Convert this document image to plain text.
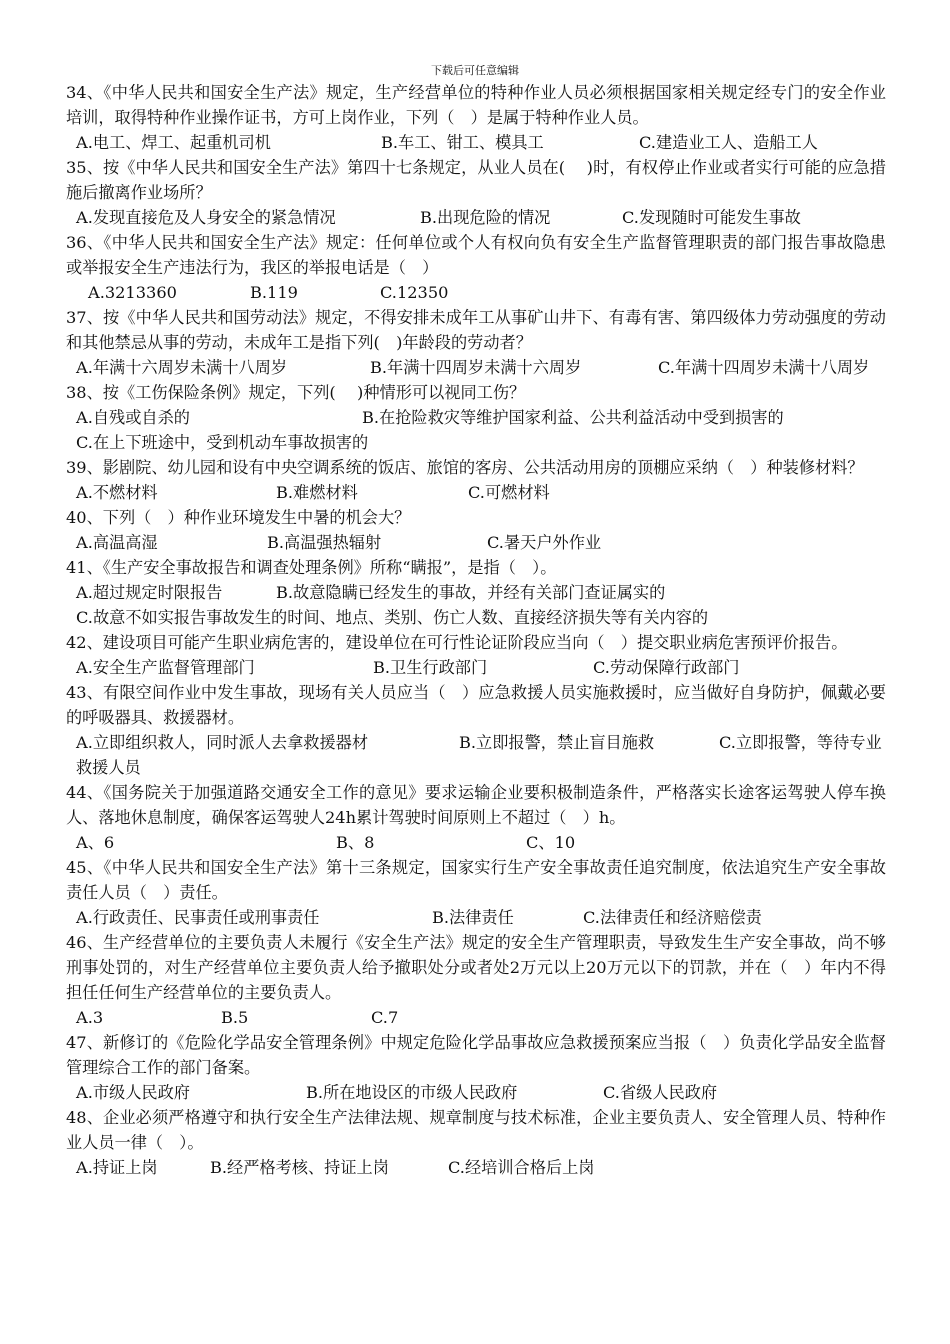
下载后可任意编辑

34、《中华人民共和国安全生产法》规定，生产经营单位的特种作业人员必须根据国家相关规定经专门的安全作业培训，取得特种作业操作证书，方可上岗作业，下列（　）是属于特种作业人员。

A.电工、焊工、起重机司机	B.车工、钳工、模具工	C.建造业工人、造船工人

35、按《中华人民共和国安全生产法》第四十七条规定，从业人员在(　 )时，有权停止作业或者实行可能的应急措施后撤离作业场所？

A.发现直接危及人身安全的紧急情况	B.出现危险的情况	C.发现随时可能发生事故

36、《中华人民共和国安全生产法》规定：任何单位或个人有权向负有安全生产监督管理职责的部门报告事故隐患或举报安全生产违法行为，我区的举报电话是（　）

A.3213360	B.119	C.12350

37、按《中华人民共和国劳动法》规定，不得安排未成年工从事矿山井下、有毒有害、第四级体力劳动强度的劳动和其他禁忌从事的劳动，未成年工是指下列(　)年龄段的劳动者？

A.年满十六周岁未满十八周岁	B.年满十四周岁未满十六周岁	C.年满十四周岁未满十八周岁

38、按《工伤保险条例》规定，下列(　 )种情形可以视同工伤？

A.自残或自杀的	B.在抢险救灾等维护国家利益、公共利益活动中受到损害的

C.在上下班途中，受到机动车事故损害的

39、影剧院、幼儿园和设有中央空调系统的饭店、旅馆的客房、公共活动用房的顶棚应采纳（　）种装修材料？

A.不燃材料	B.难燃材料	C.可燃材料

40、下列（　）种作业环境发生中暑的机会大？

A.高温高湿	B.高温强热辐射	C.暑天户外作业

41、《生产安全事故报告和调查处理条例》所称“瞒报”，是指（　）。

A.超过规定时限报告	B.故意隐瞒已经发生的事故，并经有关部门查证属实的

C.故意不如实报告事故发生的时间、地点、类别、伤亡人数、直接经济损失等有关内容的

42、建设项目可能产生职业病危害的，建设单位在可行性论证阶段应当向（　）提交职业病危害预评价报告。

A.安全生产监督管理部门	B.卫生行政部门	C.劳动保障行政部门

43、有限空间作业中发生事故，现场有关人员应当（　）应急救援人员实施救援时，应当做好自身防护，佩戴必要的呼吸器具、救援器材。

A.立即组织救人，同时派人去拿救援器材	B.立即报警，禁止盲目施救	C.立即报警，等待专业救援人员

44、《国务院关于加强道路交通安全工作的意见》要求运输企业要积极制造条件，严格落实长途客运驾驶人停车换人、落地休息制度，确保客运驾驶人24h累计驾驶时间原则上不超过（　）h。

A、6	B、8	C、10

45、《中华人民共和国安全生产法》第十三条规定，国家实行生产安全事故责任追究制度，依法追究生产安全事故责任人员（　）责任。

A.行政责任、民事责任或刑事责任	B.法律责任	C.法律责任和经济赔偿责

46、生产经营单位的主要负责人未履行《安全生产法》规定的安全生产管理职责，导致发生生产安全事故，尚不够刑事处罚的，对生产经营单位主要负责人给予撤职处分或者处2万元以上20万元以下的罚款，并在（　）年内不得担任任何生产经营单位的主要负责人。

A.3	B.5	C.7

47、新修订的《危险化学品安全管理条例》中规定危险化学品事故应急救援预案应当报（　）负责化学品安全监督管理综合工作的部门备案。

A.市级人民政府	B.所在地设区的市级人民政府	C.省级人民政府

48、企业必须严格遵守和执行安全生产法律法规、规章制度与技术标准，企业主要负责人、安全管理人员、特种作业人员一律（　）。

A.持证上岗	B.经严格考核、持证上岗	C.经培训合格后上岗
